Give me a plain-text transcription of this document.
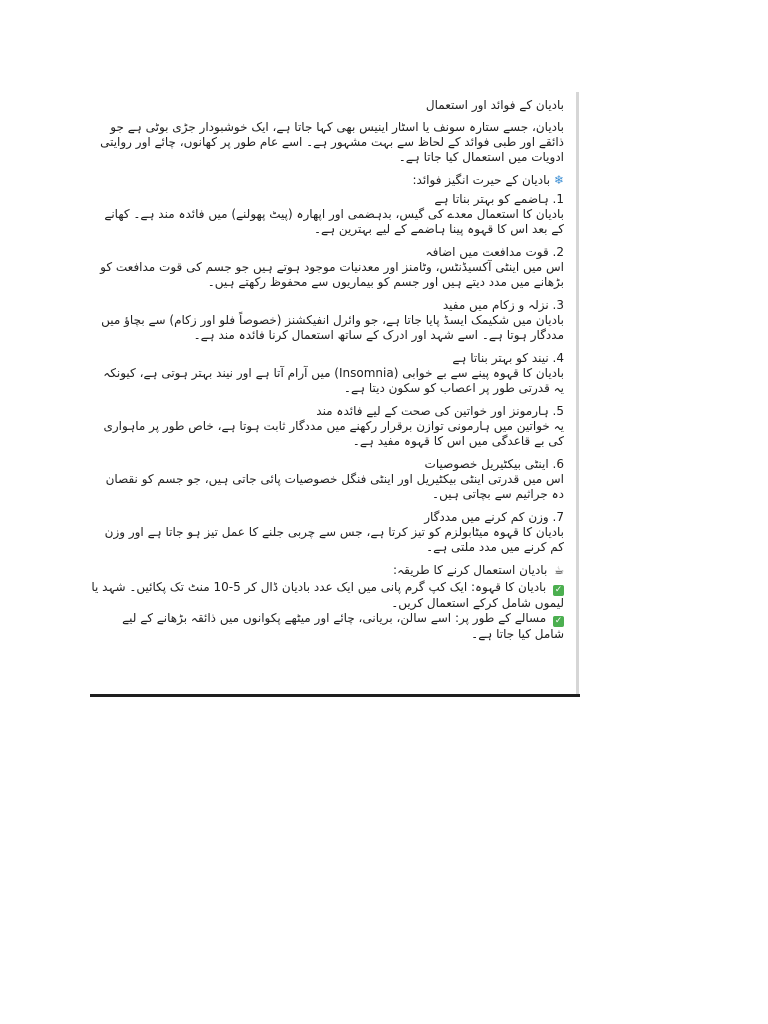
بادیان کے فوائد اور استعمال
بادیان، جسے ستارہ سونف یا اسٹار اینیس بھی کہا جاتا ہے، ایک خوشبودار جڑی بوٹی ہے جو ذائقے اور طبی فوائد کے لحاظ سے بہت مشہور ہے۔ اسے عام طور پر کھانوں، چائے اور روایتی ادویات میں استعمال کیا جاتا ہے۔
❄ بادیان کے حیرت انگیز فوائد:
1. ہاضمے کو بہتر بناتا ہے
بادیان کا استعمال معدے کی گیس، بدہضمی اور اپھارہ (پیٹ پھولنے) میں فائدہ مند ہے۔ کھانے کے بعد اس کا قہوہ پینا ہاضمے کے لیے بہترین ہے۔
2. قوت مدافعت میں اضافہ
اس میں اینٹی آکسیڈنٹس، وٹامنز اور معدنیات موجود ہوتے ہیں جو جسم کی قوت مدافعت کو بڑھانے میں مدد دیتے ہیں اور جسم کو بیماریوں سے محفوظ رکھتے ہیں۔
3. نزلہ و زکام میں مفید
بادیان میں شکیمک ایسڈ پایا جاتا ہے، جو وائرل انفیکشنز (خصوصاً فلو اور زکام) سے بچاؤ میں مددگار ہوتا ہے۔ اسے شہد اور ادرک کے ساتھ استعمال کرنا فائدہ مند ہے۔
4. نیند کو بہتر بناتا ہے
بادیان کا قہوہ پینے سے بے خوابی (Insomnia) میں آرام آتا ہے اور نیند بہتر ہوتی ہے، کیونکہ یہ قدرتی طور پر اعصاب کو سکون دیتا ہے۔
5. ہارمونز اور خواتین کی صحت کے لیے فائدہ مند
یہ خواتین میں ہارمونی توازن برقرار رکھنے میں مددگار ثابت ہوتا ہے، خاص طور پر ماہواری کی بے قاعدگی میں اس کا قہوہ مفید ہے۔
6. اینٹی بیکٹیریل خصوصیات
اس میں قدرتی اینٹی بیکٹیریل اور اینٹی فنگل خصوصیات پائی جاتی ہیں، جو جسم کو نقصان دہ جراثیم سے بچاتی ہیں۔
7. وزن کم کرنے میں مددگار
بادیان کا قہوہ میٹابولزم کو تیز کرتا ہے، جس سے چربی جلنے کا عمل تیز ہو جاتا ہے اور وزن کم کرنے میں مدد ملتی ہے۔
☕ بادیان استعمال کرنے کا طریقہ:
✓ بادیان کا قہوہ: ایک کپ گرم پانی میں ایک عدد بادیان ڈال کر 5-10 منٹ تک پکائیں۔ شہد یا لیموں شامل کرکے استعمال کریں۔
✓ مسالے کے طور پر: اسے سالن، بریانی، چائے اور میٹھے پکوانوں میں ذائقہ بڑھانے کے لیے شامل کیا جاتا ہے۔
